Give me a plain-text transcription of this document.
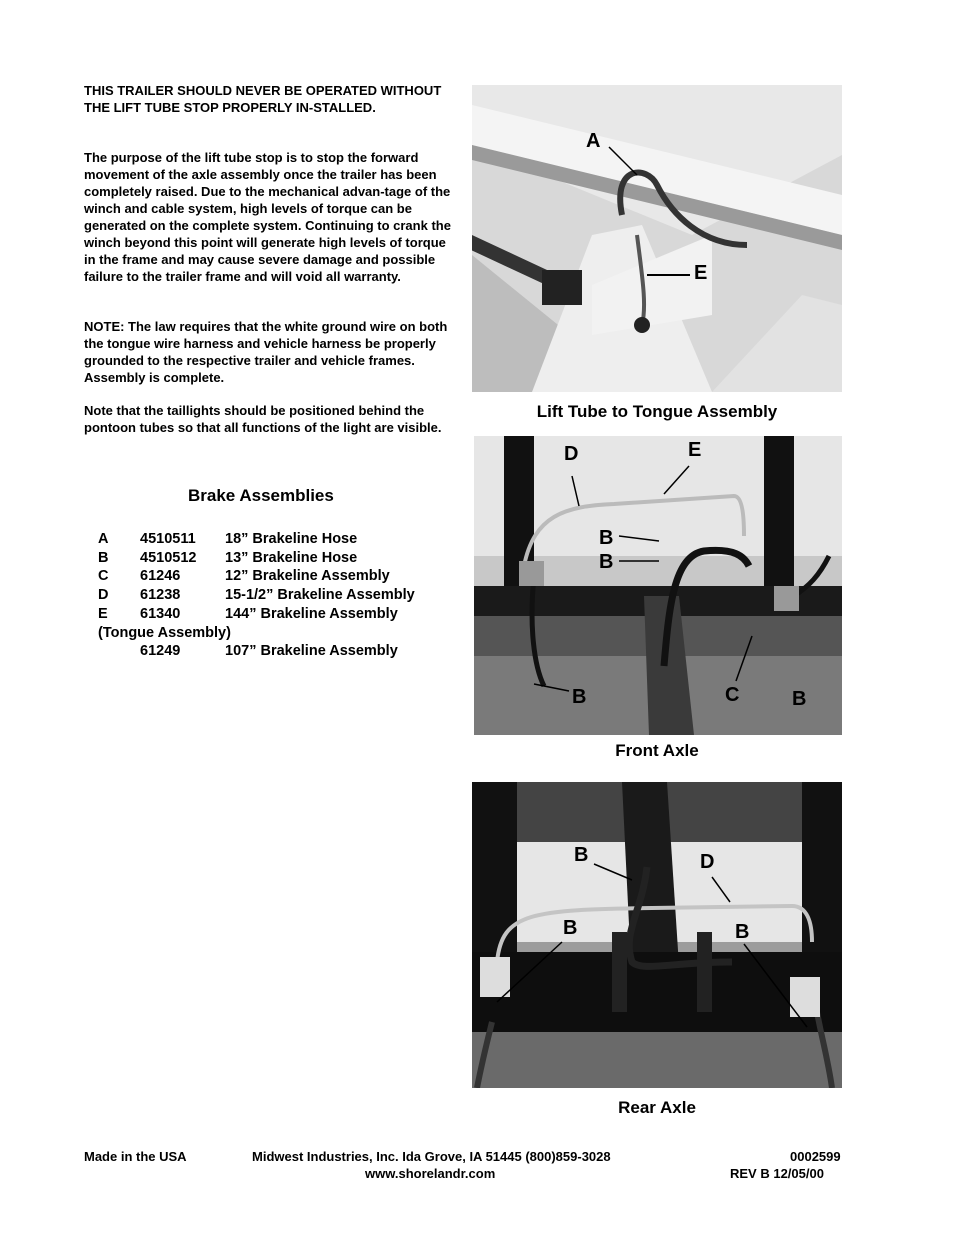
THIS TRAILER SHOULD NEVER BE OPERATED WITHOUT THE LIFT TUBE STOP PROPERLY IN-STALLED.

The purpose of the lift tube stop is to stop the forward movement of the axle assembly once the trailer has been completely raised. Due to the mechanical advan-tage of the winch and cable system, high levels of torque can be generated on the complete system. Continuing to crank the winch beyond this point will generate high levels of torque in the frame and may cause severe damage and possible failure to the trailer frame and will void all warranty.

NOTE: The law requires that the white ground wire on both the tongue wire harness and vehicle harness be properly grounded to the respective trailer and vehicle frames. Assembly is complete.

Note that the taillights should be positioned behind the pontoon tubes so that all functions of the light are visible.

Brake Assemblies
A	4510511	18” Brakeline Hose
B	4510512	13” Brakeline Hose
C	61246	12” Brakeline Assembly
D	61238	15-1/2” Brakeline Assembly
E	61340	144” Brakeline Assembly
(Tongue Assembly)		
	61249	107” Brakeline Assembly
A
E
Lift Tube to Tongue Assembly
D	E
B
B
B	C	B
Front Axle
B	D
B	B
Rear Axle
Made in the USA	Midwest Industries, Inc. Ida Grove, IA 51445 (800)859-3028
www.shorelandr.com
0002599
REV B 12/05/00
